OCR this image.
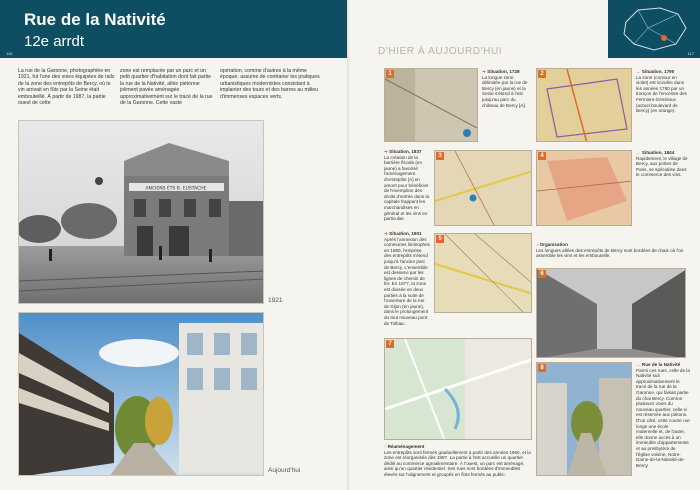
Rue de la Nativité
12e arrdt
116
La rue de la Garonne, photographiée en 1921, fut l'une des voies équipées de rails de la zone des entrepôts de Bercy, où le vin arrivait en fûts par la Seine était embouteillé. À partir de 1987, la partie ouest de cette
zone est remplacée par un parc et un petit quartier d'habitation dont fait partie la rue de la Nativité, allée piétonne joliment pavée aménagée approximativement sur le tracé de la rue de la Garonne. Cette vaste
opération, comme d'autres à la même époque, assume de contrarier les pratiques urbanistiques modernistes consistant à implanter des tours et des barres au milieu d'immenses espaces verts.
ANCIENS ÉTS B. EUSTACHE
1921
Aujourd'hui
D'HIER À AUJOURD'HUI	117
1	➜ Situation, 1728
La longue zone délimitée par la rue de Bercy (en jaune) et la Seine s'étend à l'est jusqu'au parc du château de Bercy [A].
2	← Situation, 1790
La zone (contour en violet) est scindée dans les années 1780 par un tronçon de l'enceinte des Fermiers-Généraux (actuel boulevard de Bercy) (en orange).
➜ Situation, 1837
La création de la barrière fiscale (en jaune) a favorisé l'aménagement d'entrepôts [A] en amont pour bénéficier de l'exemption des droits d'entrée dans la capitale frappant les marchandises en général et les vins en particulier.
3	4
← Situation, 1844
Rapidement, le village de Bercy, aux portes de Paris, se spécialise dans le commerce des vins.
➜ Situation, 1901
Après l'annexion des communes limitrophes en 1860, l'emprise des entrepôts s'étend jusqu'à l'ancien parc de Bercy. L'ensemble est desservi par les lignes de chemin de fer. En 1877, la zone est divisée en deux parties à la suite de l'ouverture de la rue de Dijon (en jaune), dans le prolongement du tout nouveau pont de Tolbiac.
5
↓ Organisation
Les longues allées des entrepôts de Bercy sont bordées de chais où l'on assemble les vins et les embouteille.
6
7
↑ Réaménagement
Les entrepôts sont fermés graduellement à partir des années 1960, et la zone est réorganisée dès 1987. La partie à l'est accueille un quartier dédié au commerce agroalimentaire. À l'ouest, un parc est aménagé, ainsi qu'un quartier résidentiel. Ses rues sont bordées d'immeubles élevés sur l'alignement et groupés en îlots fermés au public.
8
← Rue de la Nativité
Parmi ces rues, celle de la Nativité suit approximativement le tracé de la rue de la Garonne, qui faisait partie du chai Bercy. Comme plusieurs voies du nouveau quartier, celle-ci est réservée aux piétons. D'un côté, cette courte rue longe une école maternelle et, de l'autre, elle donne accès à un immeuble d'appartements et au presbytère de l'église voisine, Notre-Dame-de-la-Nativité-de-Bercy.
